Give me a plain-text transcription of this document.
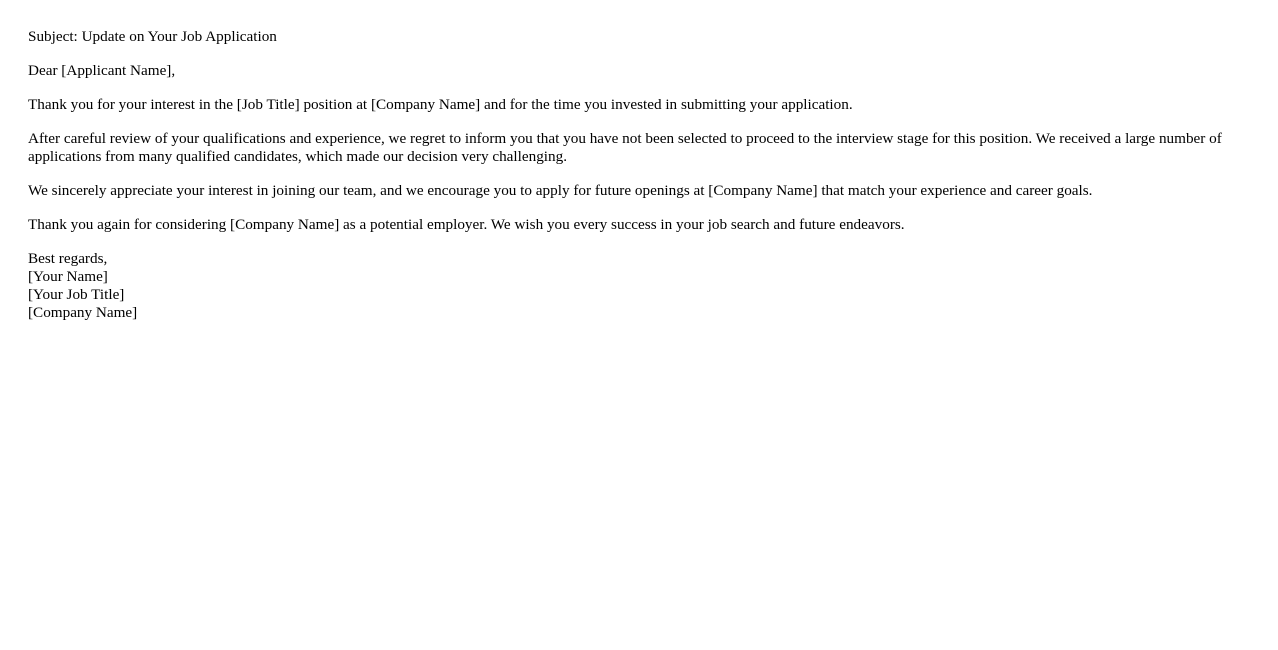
Subject: Update on Your Job Application

Dear [Applicant Name],

Thank you for your interest in the [Job Title] position at [Company Name] and for the time you invested in submitting your application.

After careful review of your qualifications and experience, we regret to inform you that you have not been selected to proceed to the interview stage for this position. We received a large number of applications from many qualified candidates, which made our decision very challenging.

We sincerely appreciate your interest in joining our team, and we encourage you to apply for future openings at [Company Name] that match your experience and career goals.

Thank you again for considering [Company Name] as a potential employer. We wish you every success in your job search and future endeavors.

Best regards,
[Your Name]
[Your Job Title]
[Company Name]
